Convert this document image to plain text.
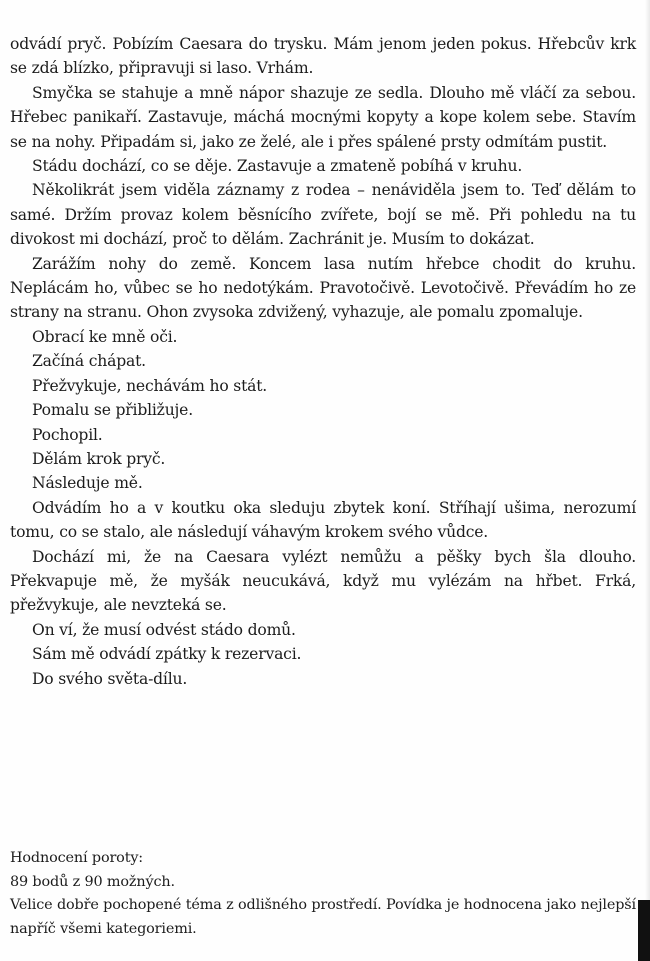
odvádí pryč. Pobízím Caesara do trysku. Mám jenom jeden pokus. Hřebcův krk se zdá blízko, připravuji si laso. Vrhám.

Smyčka se stahuje a mně nápor shazuje ze sedla. Dlouho mě vláčí za sebou. Hřebec panikaří. Zastavuje, máchá mocnými kopyty a kope kolem sebe. Stavím se na nohy. Připadám si, jako ze želé, ale i přes spálené prsty odmítám pustit.

Stádu dochází, co se děje. Zastavuje a zmateně pobíhá v kruhu.

Několikrát jsem viděla záznamy z rodea – nenáviděla jsem to. Teď dělám to samé. Držím provaz kolem běsnícího zvířete, bojí se mě. Při pohledu na tu divokost mi dochází, proč to dělám. Zachránit je. Musím to dokázat.

Zarážím nohy do země. Koncem lasa nutím hřebce chodit do kruhu. Neplácám ho, vůbec se ho nedotýkám. Pravotočivě. Levotočivě. Převádím ho ze strany na stranu. Ohon zvysoka zdvižený, vyhazuje, ale pomalu zpomaluje.

Obrací ke mně oči.

Začíná chápat.

Přežvykuje, nechávám ho stát.

Pomalu se přibližuje.

Pochopil.

Dělám krok pryč.

Následuje mě.

Odvádím ho a v koutku oka sleduju zbytek koní. Stříhají ušima, nerozumí tomu, co se stalo, ale následují váhavým krokem svého vůdce.

Dochází mi, že na Caesara vylézt nemůžu a pěšky bych šla dlouho. Překvapuje mě, že myšák neucukává, když mu vylézám na hřbet. Frká, přežvykuje, ale nevzteká se.

On ví, že musí odvést stádo domů.

Sám mě odvádí zpátky k rezervaci.

Do svého světa-dílu.

Hodnocení poroty:

89 bodů z 90 možných.

Velice dobře pochopené téma z odlišného prostředí. Povídka je hodnocena jako nejlepší napříč všemi kategoriemi.
